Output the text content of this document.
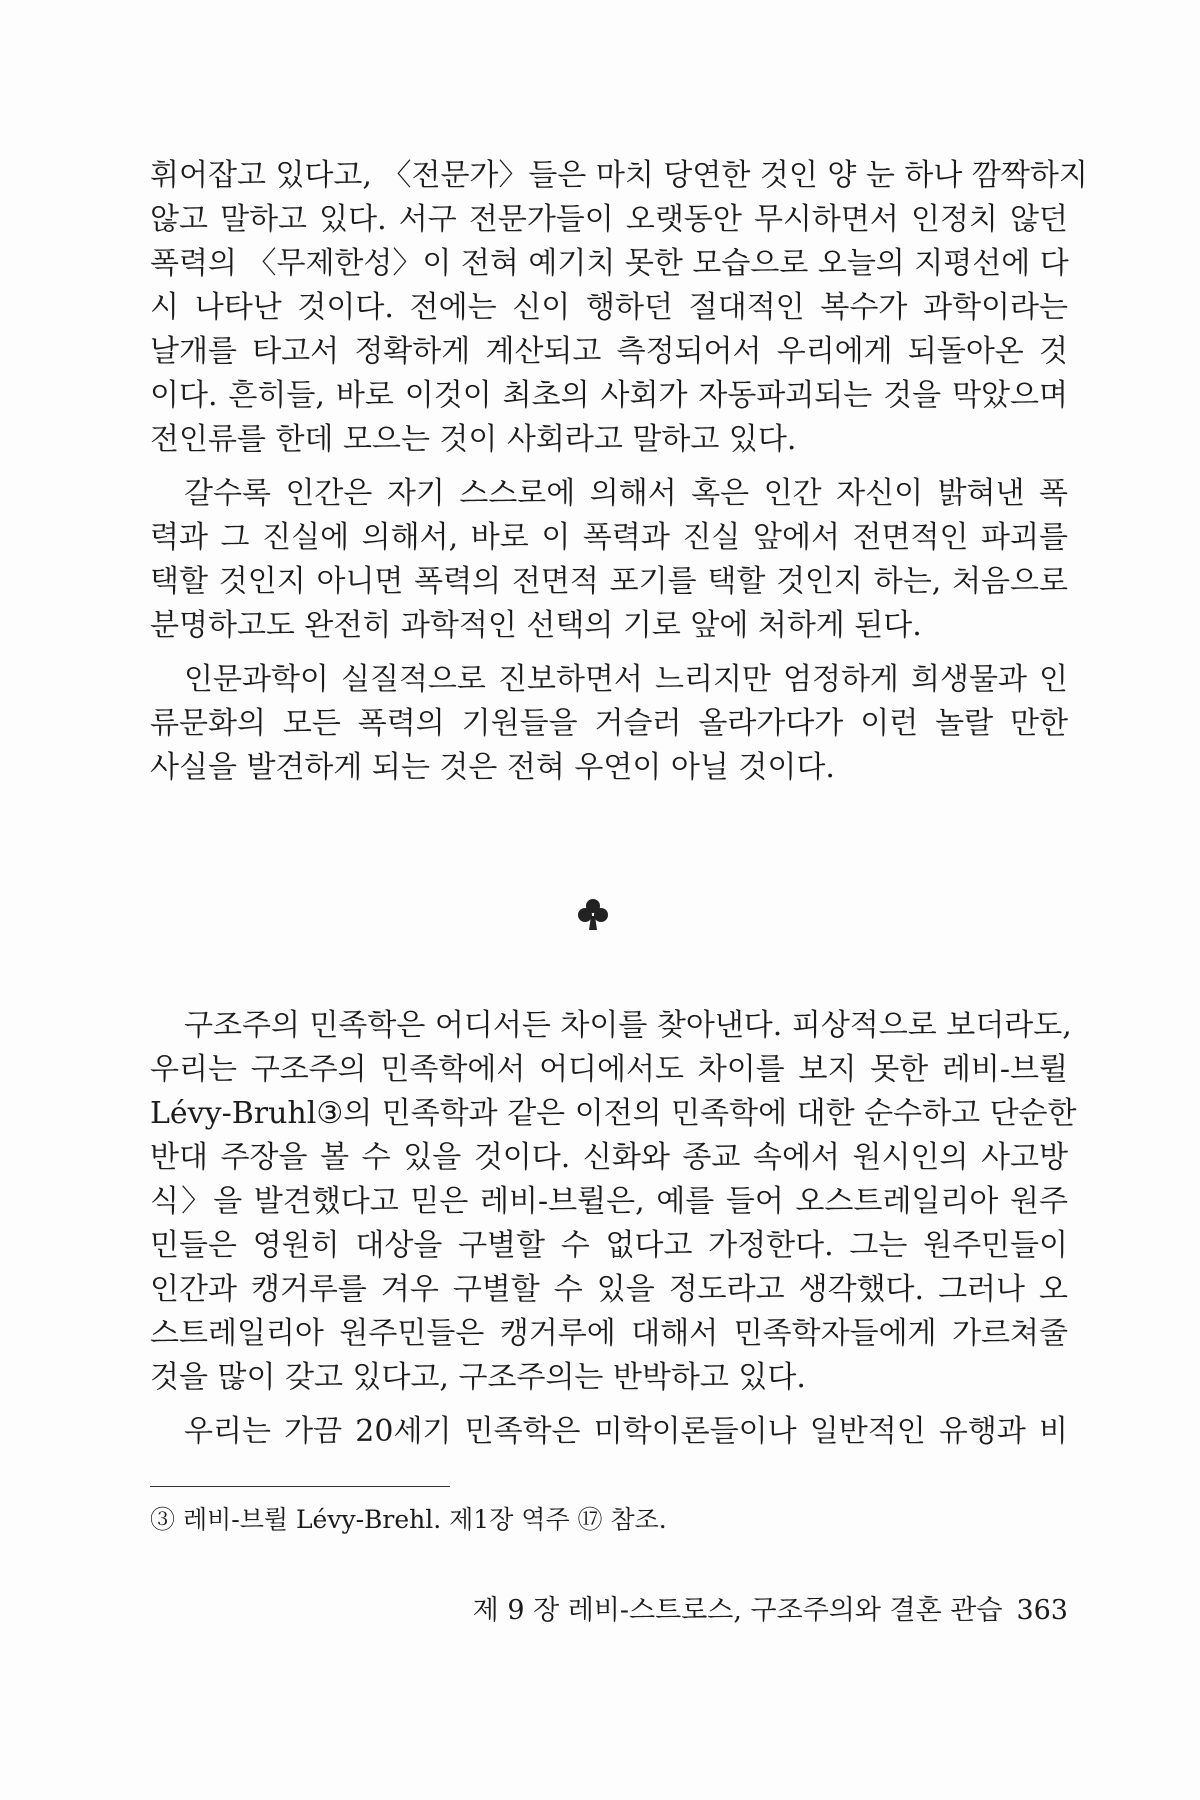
휘어잡고 있다고, 〈전문가〉들은 마치 당연한 것인 양 눈 하나 깜짝하지
않고 말하고 있다. 서구 전문가들이 오랫동안 무시하면서 인정치 않던
폭력의 〈무제한성〉이 전혀 예기치 못한 모습으로 오늘의 지평선에 다
시 나타난 것이다. 전에는 신이 행하던 절대적인 복수가 과학이라는
날개를 타고서 정확하게 계산되고 측정되어서 우리에게 되돌아온 것
이다. 흔히들, 바로 이것이 최초의 사회가 자동파괴되는 것을 막았으며
전인류를 한데 모으는 것이 사회라고 말하고 있다.
갈수록 인간은 자기 스스로에 의해서 혹은 인간 자신이 밝혀낸 폭
력과 그 진실에 의해서, 바로 이 폭력과 진실 앞에서 전면적인 파괴를
택할 것인지 아니면 폭력의 전면적 포기를 택할 것인지 하는, 처음으로
분명하고도 완전히 과학적인 선택의 기로 앞에 처하게 된다.
인문과학이 실질적으로 진보하면서 느리지만 엄정하게 희생물과 인
류문화의 모든 폭력의 기원들을 거슬러 올라가다가 이런 놀랄 만한
사실을 발견하게 되는 것은 전혀 우연이 아닐 것이다.
구조주의 민족학은 어디서든 차이를 찾아낸다. 피상적으로 보더라도,
우리는 구조주의 민족학에서 어디에서도 차이를 보지 못한 레비-브륄
Lévy-Bruhl③의 민족학과 같은 이전의 민족학에 대한 순수하고 단순한
반대 주장을 볼 수 있을 것이다. 신화와 종교 속에서 원시인의 사고방
식〉을 발견했다고 믿은 레비-브륄은, 예를 들어 오스트레일리아 원주
민들은 영원히 대상을 구별할 수 없다고 가정한다. 그는 원주민들이
인간과 캥거루를 겨우 구별할 수 있을 정도라고 생각했다. 그러나 오
스트레일리아 원주민들은 캥거루에 대해서 민족학자들에게 가르쳐줄
것을 많이 갖고 있다고, 구조주의는 반박하고 있다.
우리는 가끔 20세기 민족학은 미학이론들이나 일반적인 유행과 비
③ 레비-브륄 Lévy-Brehl. 제1장 역주 ⑰ 참조.
제 9 장 레비-스트로스, 구조주의와 결혼 관습 363
